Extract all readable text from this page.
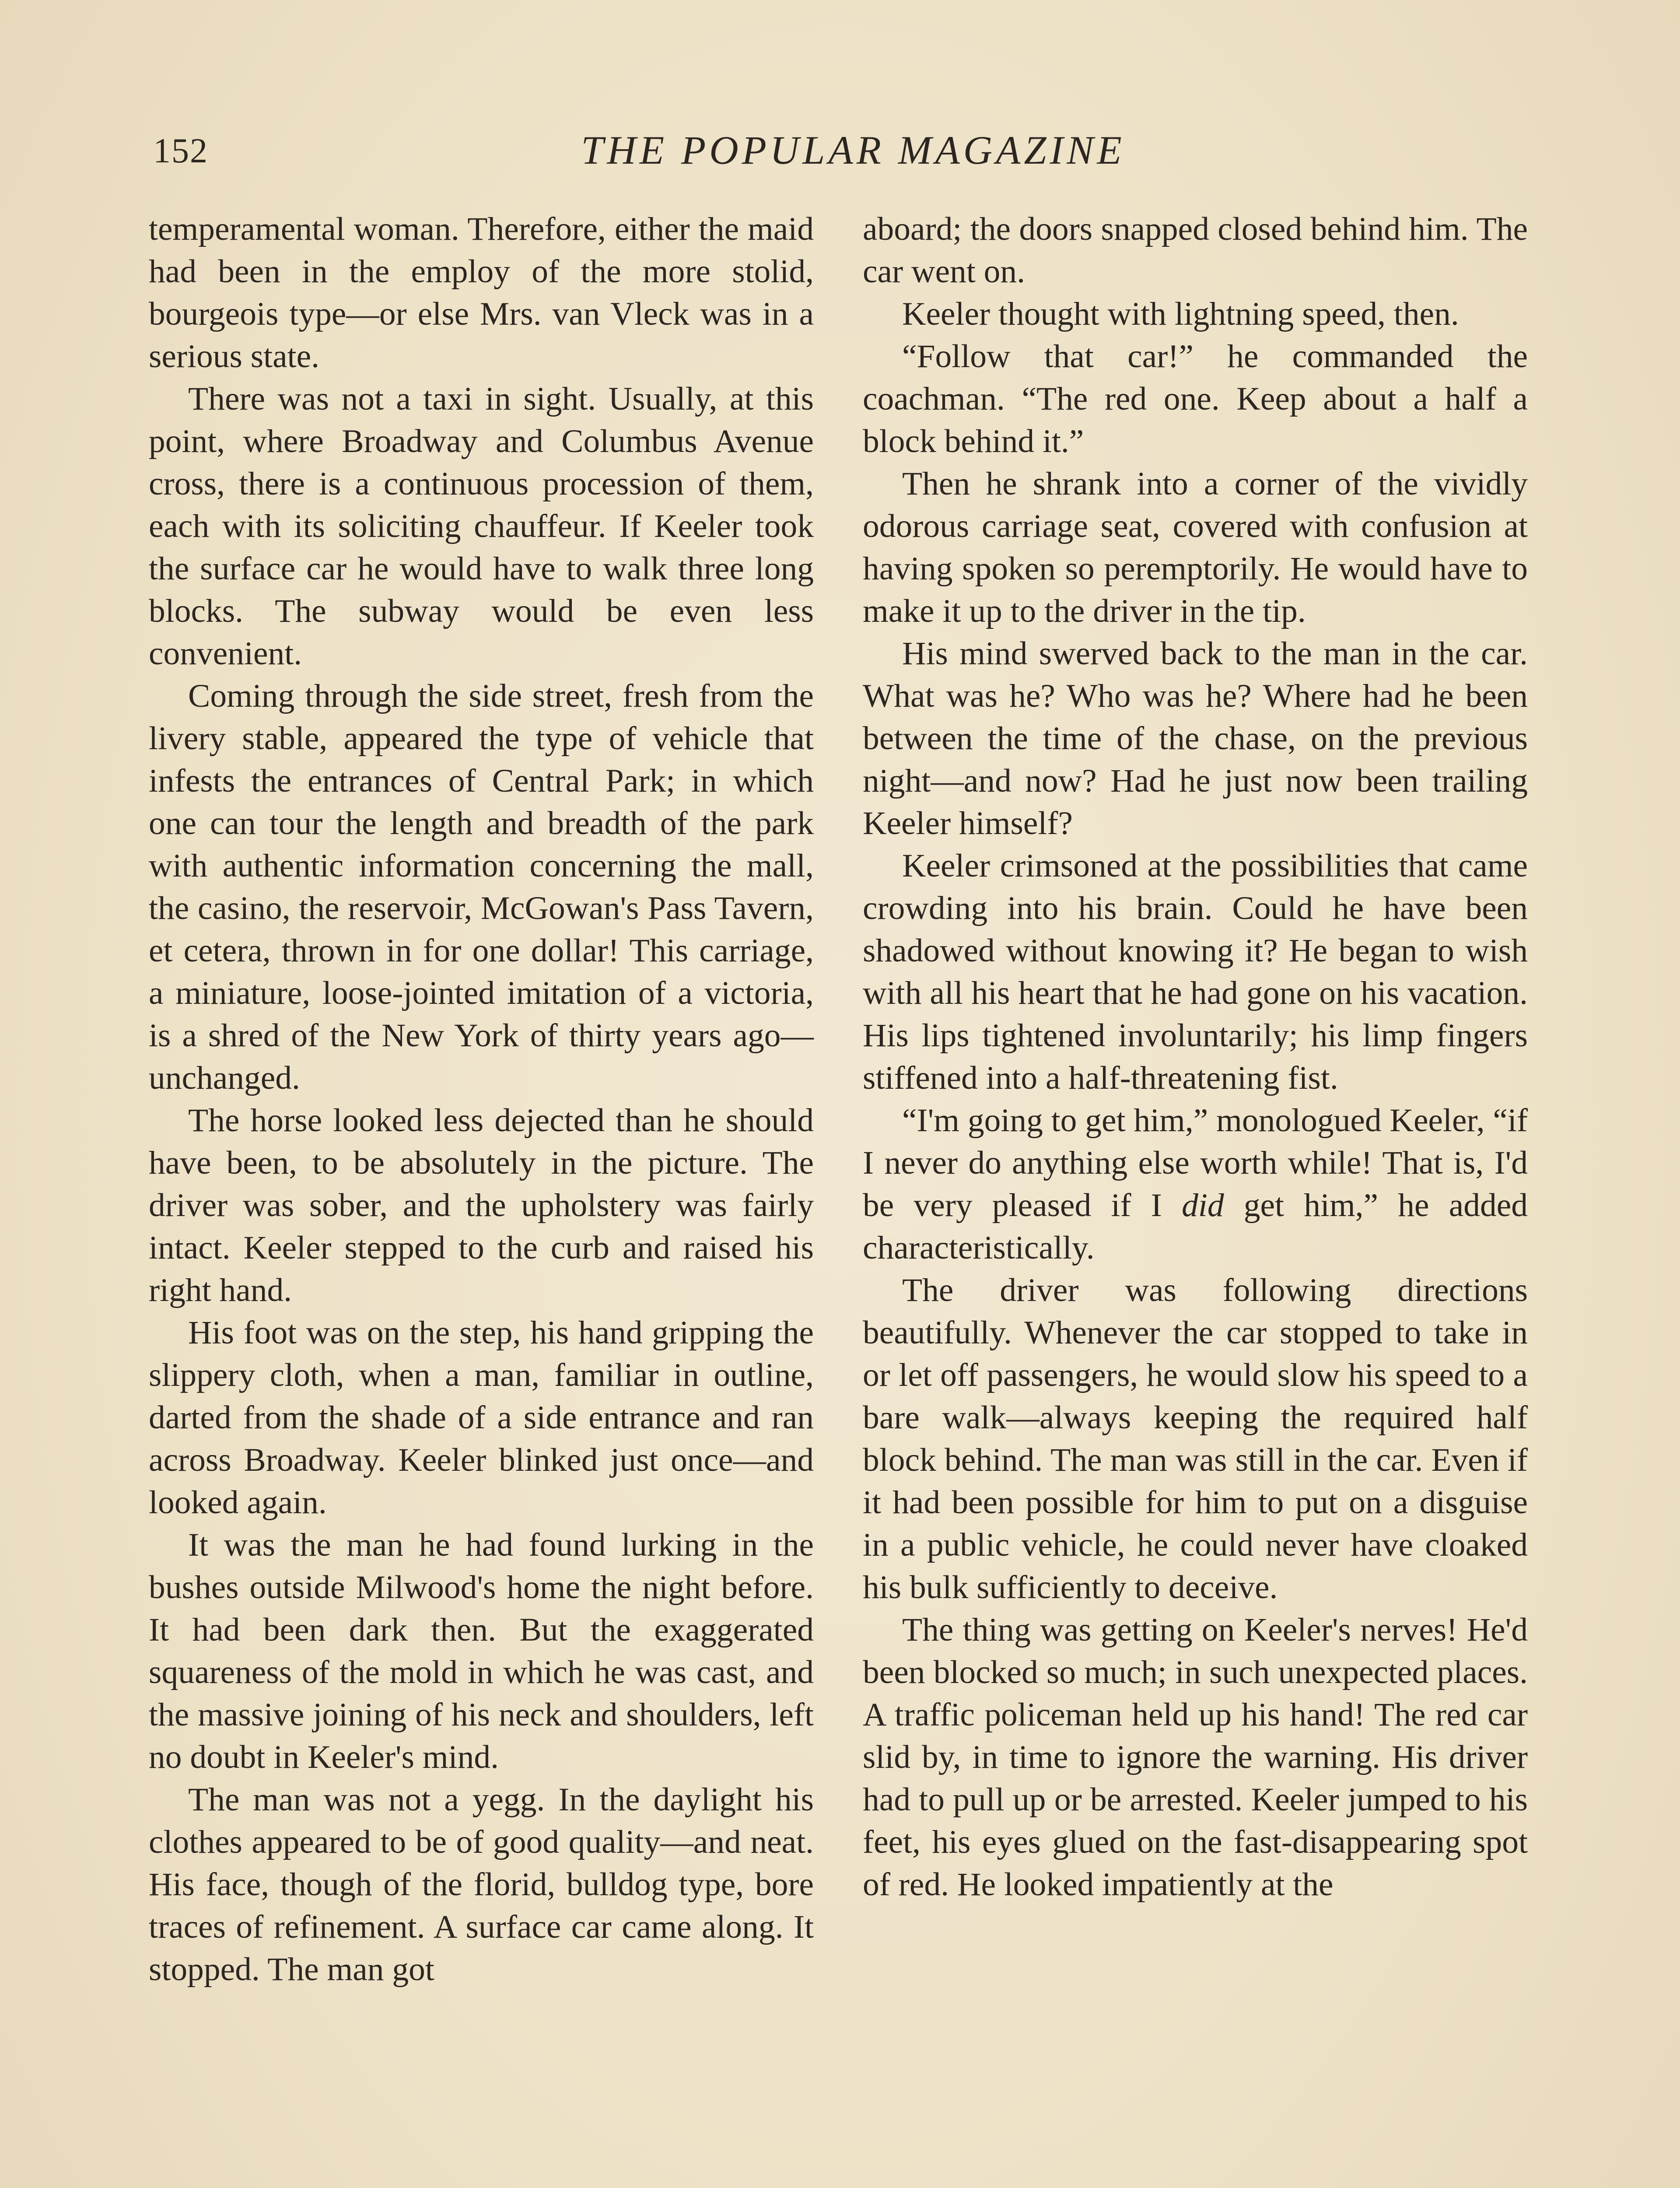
152	THE POPULAR MAGAZINE

temperamental woman. Therefore, either the maid had been in the employ of the more stolid, bourgeois type—or else Mrs. van Vleck was in a serious state.

There was not a taxi in sight. Usually, at this point, where Broadway and Columbus Avenue cross, there is a continuous procession of them, each with its soliciting chauffeur. If Keeler took the surface car he would have to walk three long blocks. The subway would be even less convenient.

Coming through the side street, fresh from the livery stable, appeared the type of vehicle that infests the entrances of Central Park; in which one can tour the length and breadth of the park with authentic information concerning the mall, the casino, the reservoir, McGowan's Pass Tavern, et cetera, thrown in for one dollar! This carriage, a miniature, loose-jointed imitation of a victoria, is a shred of the New York of thirty years ago—unchanged.

The horse looked less dejected than he should have been, to be absolutely in the picture. The driver was sober, and the upholstery was fairly intact. Keeler stepped to the curb and raised his right hand.

His foot was on the step, his hand gripping the slippery cloth, when a man, familiar in outline, darted from the shade of a side entrance and ran across Broadway. Keeler blinked just once—and looked again.

It was the man he had found lurking in the bushes outside Milwood's home the night before. It had been dark then. But the exaggerated squareness of the mold in which he was cast, and the massive joining of his neck and shoulders, left no doubt in Keeler's mind.

The man was not a yegg. In the daylight his clothes appeared to be of good quality—and neat. His face, though of the florid, bulldog type, bore traces of refinement. A surface car came along. It stopped. The man got

aboard; the doors snapped closed behind him. The car went on.

Keeler thought with lightning speed, then.

“Follow that car!” he commanded the coachman. “The red one. Keep about a half a block behind it.”

Then he shrank into a corner of the vividly odorous carriage seat, covered with confusion at having spoken so peremptorily. He would have to make it up to the driver in the tip.

His mind swerved back to the man in the car. What was he? Who was he? Where had he been between the time of the chase, on the previous night—and now? Had he just now been trailing Keeler himself?

Keeler crimsoned at the possibilities that came crowding into his brain. Could he have been shadowed without knowing it? He began to wish with all his heart that he had gone on his vacation. His lips tightened involuntarily; his limp fingers stiffened into a half-threatening fist.

“I'm going to get him,” monologued Keeler, “if I never do anything else worth while! That is, I'd be very pleased if I did get him,” he added characteristically.

The driver was following directions beautifully. Whenever the car stopped to take in or let off passengers, he would slow his speed to a bare walk—always keeping the required half block behind. The man was still in the car. Even if it had been possible for him to put on a disguise in a public vehicle, he could never have cloaked his bulk sufficiently to deceive.

The thing was getting on Keeler's nerves! He'd been blocked so much; in such unexpected places. A traffic policeman held up his hand! The red car slid by, in time to ignore the warning. His driver had to pull up or be arrested. Keeler jumped to his feet, his eyes glued on the fast-disappearing spot of red. He looked impatiently at the
